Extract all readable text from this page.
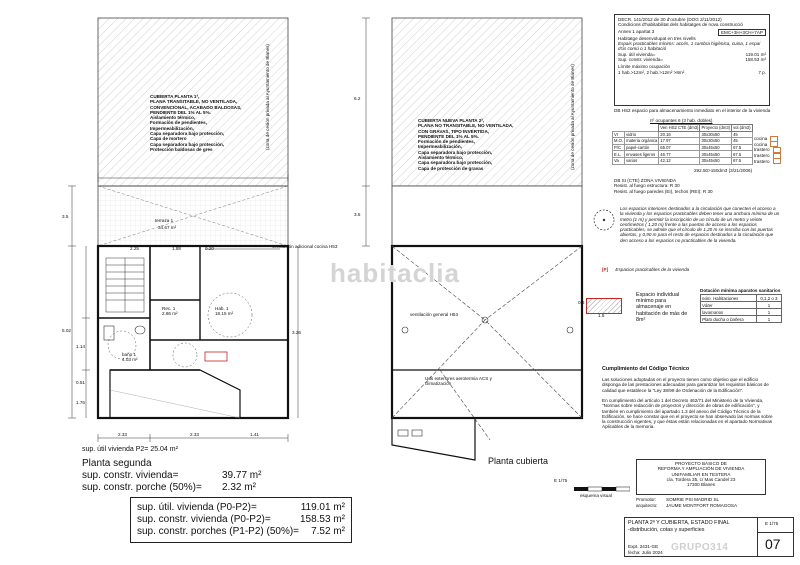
CUBIERTA PLANTA 1ª,
PLANA TRANSITABLE, NO VENTILADA,
CONVENCIONAL, ACABADO BALDOSAS,
PENDIENTE DEL 1% AL 5%.
Aislamiento térmico,
Formación de pendientes,
Impermeabilización,
Capa separadora bajo protección,
Capa de mortero
Capa separadora bajo protección,
Protección baldosas de gres	(zona de cesión privada al Ayuntamiento de Blanes)
terraza 1
34.67 m²
ventilación adicional cocina H53
Rec. 1
2.86 m²
Hab. 1
18.15 m²
baño 1
4.03 m²
2.25	1.88	0.20
2.33
3.5
5.02	3.26
1.14
0.51
1.76
2.33	1.41
sup. útil vivienda P2= 25.04 m²
Planta segunda
sup. constr. vivienda=	39.77 m²
sup. constr. porche (50%)=	2.32 m²
sup. útil. vivienda (P0-P2)=	119.01 m²
sup. constr. vivienda (P0-P2)=	158.53 m²
sup. constr. porches (P1-P2) (50%)= 7.52 m²
CUBIERTA NUEVA PLANTA 2ª,
PLANA NO TRANSITABLE, NO VENTILADA,
CON GRAVAS, TIPO INVERTIDA,
PENDIENTE DEL 1% AL 5%.
Formación de pendientes,
Impermeabilización,
Capa separadora bajo protección,
Aislamiento térmico,
Capa separadora bajo protección,
Capa de protección de gravas	(zona de cesión privada al Ayuntamiento de Blanes)
6.2
3.5
ventilación general H53
Uds exteriores aerotermia ACS y climatización
Planta cubierta
habitaclia
DECR. 141/2012 de 30 d'octubre (DOG 2/11/2012)
Condicions d'habitabilitat dels habitatges de nova construcció
Annex 1 apartat 3	EMC+3H+3CH+7AP
Habitatge desenvolupat en tres nivells
Espais practicables mínims: accés, 1 cambra higiènica, cuina, 1 espai d'ús comú o 1 habitació
Sup. útil vivienda=	119.01 m²
Sup. constr. vivienda=	158.53 m²
Límite máximo ocupación
1 hab.>12m², 2 hab.>12m² >8m²	7 p.
DB HS2 espacio para almacenamiento inmediato en el interior de la vivienda
nº ocupantes 6 (3 hab. dobles)
		Ven HS2 CTE (dm3)	Proyecto (dm3)	vol.(dm3)
VI	vidrio	20.16	30x30x50	45
M.O.	materia orgánica	17.97	30x30x50	45
P/C	papel-cartón	65.07	30x45x50	67.5
E.L.	envases ligeros	46.77	30x45x50	67.5
Va	varios	42.12	30x45x50	67.5
cocina
cocina
trastero
trastero
trastero
292.50>150dm3 (3/21/2006)
DB SI (CTE) ZONA VIVIENDA
Resist. al fuego estructura: R 30
Resist. al fuego paredes (EI), techos (REI): R 30
Los espacios interiores destinados a la circulación que conecten el acceso a la vivienda y los espacios practicables deben tener una anchura mínima de un metro (1 m) y permitir la inscripción de un círculo de un metro y veinte centímetros ( 1,20 m) frente a las puertas de acceso a los espacios practicables, se admite que el círculo de 1,20 m se inscriba con las puertas abiertas, y 0,90 m para el resto de espacios destinados a la circulación que den acceso a los espacios no practicables de la vivienda.
[P] Espacios practicables de la vivienda
0.6
1.5
Espacio individual mínimo para almacenaje en habitación de más de 8m²
Dotación mínima aparatos sanitarios
núm. Habitaciones	0,1,2 o 3
Váter	1
lavamanos	1
Plato ducha o bañera	1
Cumplimiento del Código Técnico
Las soluciones adoptadas en el proyecto tienen como objetivo que el edificio disponga de las prestaciones adecuadas para garantizar los requisitos básicos de calidad que establece la "Ley 38/99 de Ordenación de la Edificación".
En cumplimiento del artículo 1 del Decreto 462/71 del Ministerio de la Vivienda, "Normas sobre redacción de proyectos y dirección de obras de edificación", y también en cumplimiento del apartado 1.3 del anexo del Código Técnico de la Edificación, se hace constar que en el proyecto se han observado las normas sobre la construcción vigentes, y que éstas están relacionadas en el apartado Normativas Aplicables de la memoria.
PROYECTO BÁSICO DE
REFORMA Y AMPLIACIÓN DE VIVIENDA
UNIFAMILIAR EN TESTERA
c/a. Tordera 35, c/ Mas Candel 23
17300 Blanes
E 1/75
esquema visual
Promotor:	SOMRIE PSI MADRID SL
arquitecto:	JAUME MONTFORT ROMAGOSA
PLANTA 2ª Y CUBIERTA, ESTADO FINAL
-distribución, cotas y superficies
Expt. 2431-GE
fecha: Julio 2024 GRUPO314
E 1/75
07
